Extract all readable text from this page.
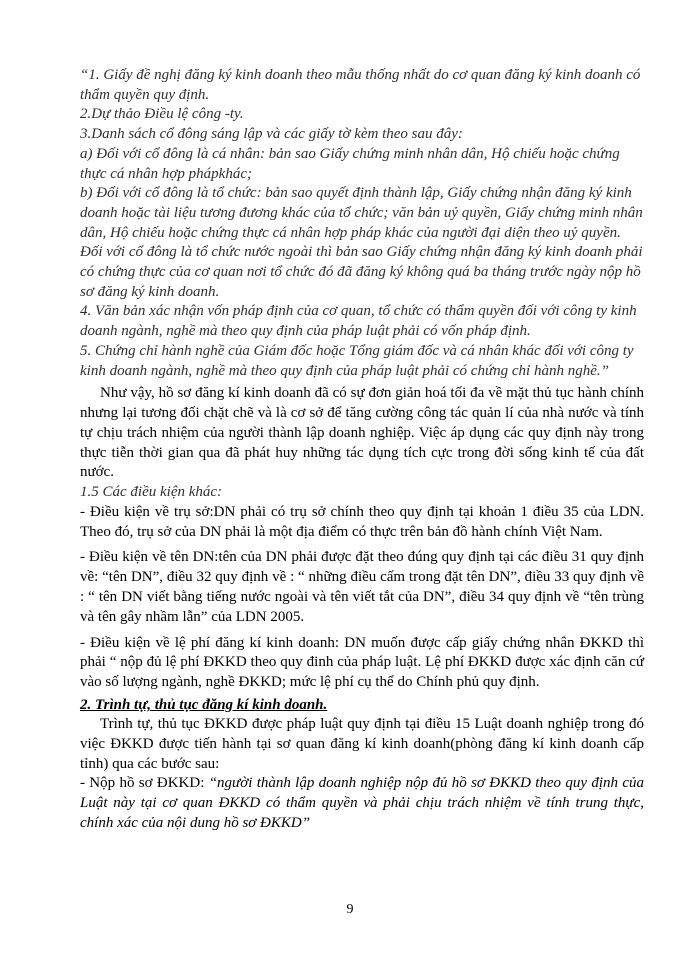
“1. Giấy đề nghị đăng ký kinh doanh theo mẫu thống nhất do cơ quan đăng ký kinh doanh có thẩm quyền quy định.

2.Dự thảo Điều lệ công -ty.

3.Danh sách cổ đông sáng lập và các giấy tờ kèm theo sau đây:

a) Đối với cổ đông là cá nhân: bản sao Giấy chứng minh nhân dân, Hộ chiếu hoặc chứng thực cá nhân hợp phápkhác;

b) Đối với cổ đông là tổ chức: bản sao quyết định thành lập, Giấy chứng nhận đăng ký kinh doanh hoặc tài liệu tương đương khác của tổ chức; văn bản uỷ quyền, Giấy chứng minh nhân dân, Hộ chiếu hoặc chứng thực cá nhân hợp pháp khác của người đại diện theo uỷ quyền.

Đối với cổ đông là tổ chức nước ngoài thì bản sao Giấy chứng nhận đăng ký kinh doanh phải có chứng thực của cơ quan nơi tổ chức đó đã đăng ký không quá ba tháng trước ngày nộp hồ sơ đăng ký kinh doanh.

4. Văn bản xác nhận vốn pháp định của cơ quan, tổ chức có thẩm quyền đối với công ty kinh doanh ngành, nghề mà theo quy định của pháp luật phải có vốn pháp định.

5. Chứng chỉ hành nghề của Giám đốc hoặc Tổng giám đốc và cá nhân khác đối với công ty kinh doanh ngành, nghề mà theo quy định của pháp luật phải có chứng chỉ hành nghề.”

Như vậy, hồ sơ đăng kí kinh doanh đã có sự đơn giản hoá tối đa về mặt thủ tục hành chính nhưng lại tương đối chặt chẽ và là cơ sở để tăng cường công tác quản lí của nhà nước và tính tự chịu trách nhiệm của người thành lập doanh nghiệp. Việc áp dụng các quy định này trong thực tiễn thời gian qua đã phát huy những tác dụng tích cực trong đời sống kinh tế của đất nước.

1.5 Các điều kiện khác:

- Điều kiện về trụ sở:DN phải có trụ sở chính theo quy định tại khoản 1 điều 35 của LDN. Theo đó, trụ sở của DN phải là một địa điểm có thực trên bản đồ hành chính Việt Nam.

- Điều kiện về tên DN:tên của DN phải được đặt theo đúng quy định tại các điều 31 quy định về: “tên DN”, điều 32 quy định về : “ những điều cấm trong đặt tên DN”, điều 33 quy định về : “ tên DN viết bằng tiếng nước ngoài và tên viết tắt của DN”, điều 34 quy định về “tên trùng và tên gây nhầm lẫn” của LDN 2005.

- Điều kiện về lệ phí đăng kí kinh doanh: DN muốn được cấp giấy chứng nhân ĐKKD thì phải “ nộp đủ lệ phí ĐKKD theo quy đinh của pháp luật. Lệ phí ĐKKD được xác định căn cứ vào số lượng ngành, nghề ĐKKD; mức lệ phí cụ thể do Chính phủ quy định.

2. Trình tự, thủ tục đăng kí kinh doanh.

Trình tự, thủ tục ĐKKD được pháp luật quy định tại điều 15 Luật doanh nghiệp trong đó việc ĐKKD được tiến hành tại sơ quan đăng kí kinh doanh(phòng đăng kí kinh doanh cấp tỉnh) qua các bước sau:

- Nộp hồ sơ ĐKKD: “người thành lập doanh nghiệp nộp đủ hồ sơ ĐKKD theo quy định của Luật này tại cơ quan ĐKKD có thẩm quyền và phải chịu trách nhiệm về tính trung thực, chính xác của nội dung hồ sơ ĐKKD”

9
